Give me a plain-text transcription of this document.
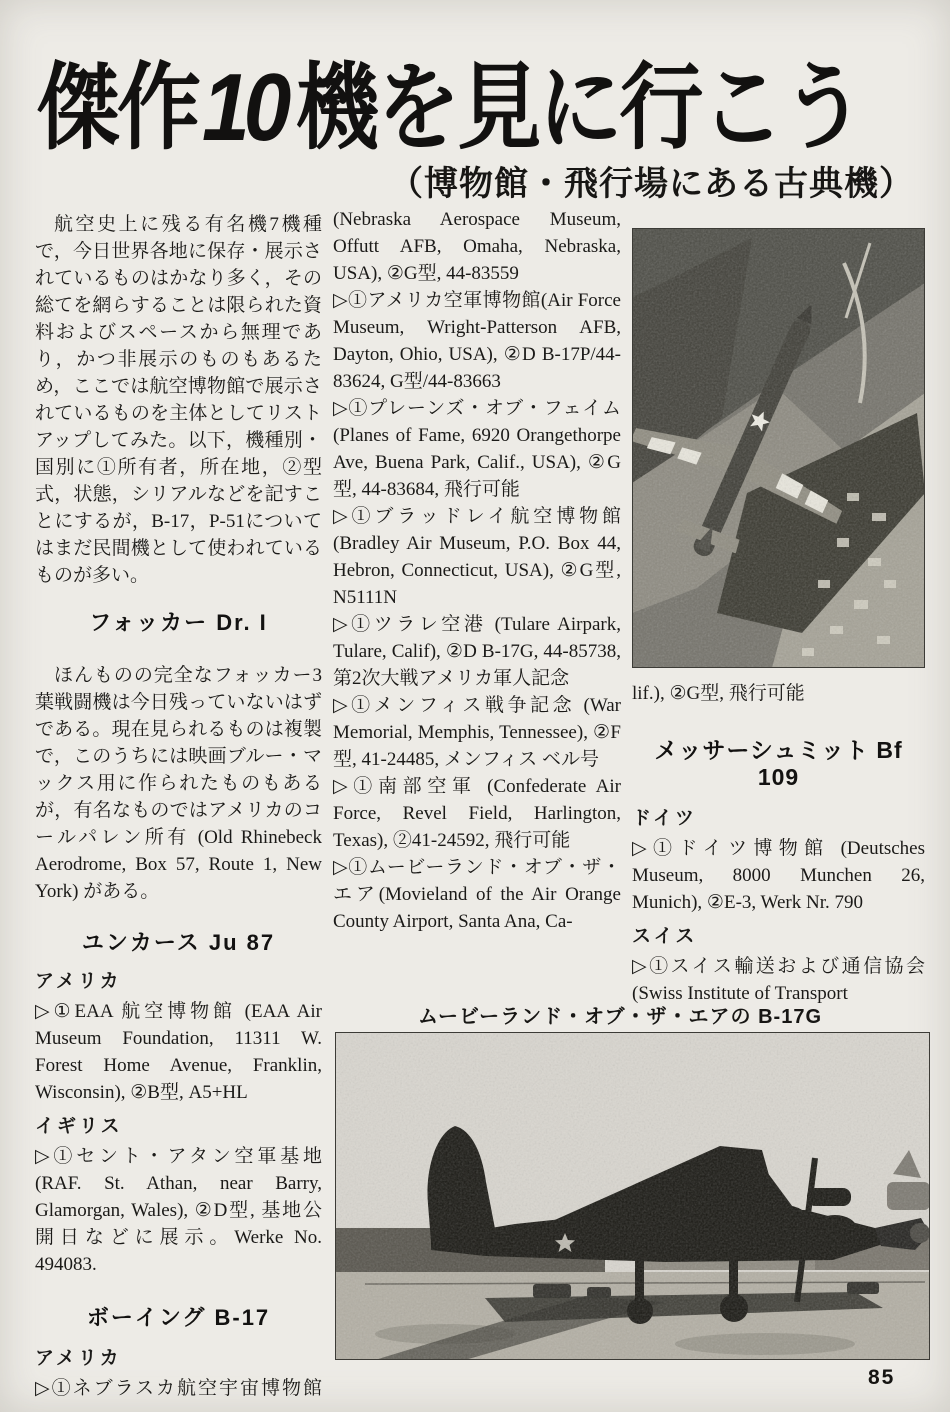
傑作10 機を見に行こう
（博物館・飛行場にある古典機）

航空史上に残る有名機7機種で，今日世界各地に保存・展示されているものはかなり多く，その総てを網らすることは限られた資料およびスペースから無理であり，かつ非展示のものもあるため，ここでは航空博物館で展示されているものを主体としてリストアップしてみた。以下，機種別・国別に①所有者，所在地，②型式，状態，シリアルなどを記すことにするが，B-17，P-51についてはまだ民間機として使われているものが多い。

フォッカー Dr. I

ほんものの完全なフォッカー3葉戦闘機は今日残っていないはずである。現在見られるものは複製で，このうちには映画ブルー・マックス用に作られたものもあるが，有名なものではアメリカのコールパレン所有 (Old Rhinebeck Aerodrome, Box 57, Route 1, New York) がある。

ユンカース Ju 87

アメリカ

▷①EAA 航空博物館 (EAA Air Museum Foundation, 11311 W. Forest Home Avenue, Franklin, Wisconsin), ②B型, A5+HL

イギリス

▷①セント・アタン空軍基地(RAF. St. Athan, near Barry, Glamorgan, Wales), ②D型, 基地公開日などに展示。Werke No. 494083.

ボーイング B-17

アメリカ

▷①ネブラスカ航空宇宙博物館

(Nebraska Aerospace Museum, Offutt AFB, Omaha, Nebraska, USA), ②G型, 44-83559

▷①アメリカ空軍博物館(Air Force Museum, Wright-Patterson AFB, Dayton, Ohio, USA), ②D B-17P/44-83624, G型/44-83663

▷①プレーンズ・オブ・フェイム (Planes of Fame, 6920 Orangethorpe Ave, Buena Park, Calif., USA), ②G型, 44-83684, 飛行可能

▷①ブラッドレイ航空博物館 (Bradley Air Museum, P.O. Box 44, Hebron, Connecticut, USA), ②G型, N5111N

▷①ツラレ空港 (Tulare Airpark, Tulare, Calif), ②D B-17G, 44-85738, 第2次大戦アメリカ軍人記念

▷①メンフィス戦争記念 (War Memorial, Memphis, Tennessee), ②F型, 41-24485, メンフィス ベル号

▷①南部空軍 (Confederate Air Force, Revel Field, Harlington, Texas), ②41-24592, 飛行可能

▷①ムービーランド・オブ・ザ・エア(Movieland of the Air Orange County Airport, Santa Ana, Ca-

lif.), ②G型, 飛行可能

メッサーシュミット Bf 109

ドイツ

▷①ドイツ博物館 (Deutsches Museum, 8000 Munchen 26, Munich), ②E-3, Werk Nr. 790

スイス

▷①スイス輸送および通信協会 (Swiss Institute of Transport

ムービーランド・オブ・ザ・エアの B-17G
85
